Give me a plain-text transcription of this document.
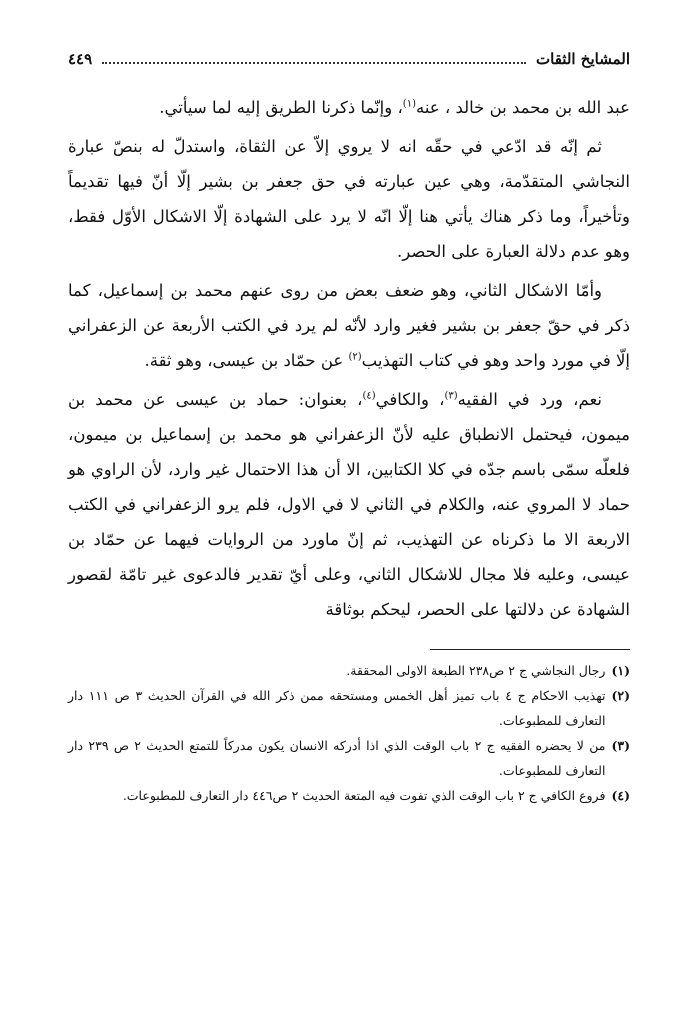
المشايخ الثقات
٤٤٩

عبد الله بن محمد بن خالد ، عنه$^{(١)}$، وإنّما ذكرنا الطريق إليه لما سيأتي.

ثم إنّه قد ادّعي في حقّه انه لا يروي إلاّ عن الثقاة، واستدلّ له بنصّ عبارة النجاشي المتقدّمة، وهي عين عبارته في حق جعفر بن بشير إلّا أنّ فيها تقديماً وتأخيراً، وما ذكر هناك يأتي هنا إلّا انّه لا يرد على الشهادة إلّا الاشكال الأوّل فقط، وهو عدم دلالة العبارة على الحصر.

وأمّا الاشكال الثاني، وهو ضعف بعض من روى عنهم محمد بن إسماعيل، كما ذكر في حقّ جعفر بن بشير فغير وارد لأنّه لم يرد في الكتب الأربعة عن الزعفراني إلّا في مورد واحد وهو في كتاب التهذيب$^{(٢)}$ عن حمّاد بن عيسى، وهو ثقة.

نعم، ورد في الفقيه$^{(٣)}$، والكافي$^{(٤)}$، بعنوان: حماد بن عيسى عن محمد بن ميمون، فيحتمل الانطباق عليه لأنّ الزعفراني هو محمد بن إسماعيل بن ميمون، فلعلّه سمّى باسم جدّه في كلا الكتابين، الا أن هذا الاحتمال غير وارد، لأن الراوي هو حماد لا المروي عنه، والكلام في الثاني لا في الاول، فلم يرو الزعفراني في الكتب الاربعة الا ما ذكرناه عن التهذيب، ثم إنّ ماورد من الروايات فيهما عن حمّاد بن عيسى، وعليه فلا مجال للاشكال الثاني، وعلى أيّ تقدير فالدعوى غير تامّة لقصور الشهادة عن دلالتها على الحصر، ليحكم بوثاقة

(١)
رجال النجاشي ج ٢ ص٢٣٨ الطبعة الاولى المحققة.
(٢)
تهذيب الاحكام ج ٤ باب تميز أهل الخمس ومستحقه ممن ذكر الله في القرآن الحديث ٣ ص ١١١ دار التعارف للمطبوعات.
(٣)
من لا يحضره الفقيه ج ٢ باب الوقت الذي اذا أدركه الانسان يكون مدركاً للتمتع الحديث ٢ ص ٢٣٩ دار التعارف للمطبوعات.
(٤)
فروع الكافي ج ٢ باب الوقت الذي تفوت فيه المتعة الحديث ٢ ص٤٤٦ دار التعارف للمطبوعات.
